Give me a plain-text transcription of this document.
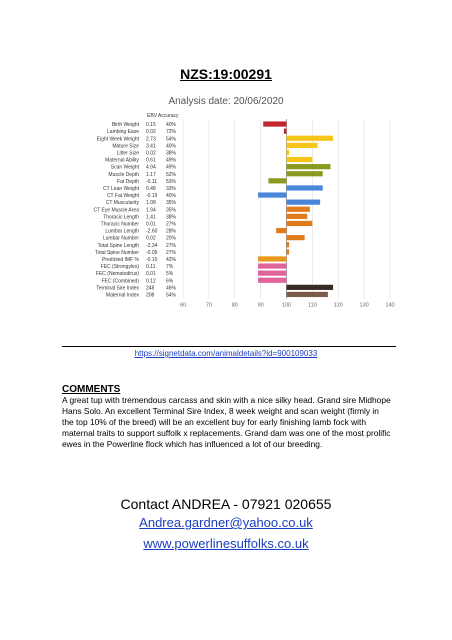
NZS:19:00291
Analysis date: 20/06/2020
60	70	80	90	100	110	120	130	140
EBV Accuracy
Birth Weight 0.15 40%
Lambing Ease 0.02 72%
Eight Week Weight 2.73 54%
Mature Size 3.41 40%
Litter Size 0.02 38%
Maternal Ability 0.61 49%
Scan Weight 4.94 49%
Muscle Depth 1.17 52%
Fat Depth -0.11 53%
CT Lean Weight 0.48 33%
CT Fat Weight -0.19 40%
CT Muscularity 1.08 35%
CT Eye Muscle Area 1.94 35%
Thoracic Length 1.41 38%
Thoracic Number 0.01 27%
Lumbar Length -2.60 28%
Lumbar Number 0.02 20%
Total Spine Length -2.34 27%
Total Spine Number -0.05 27%
Predicted IMF % -0.10 42%
FEC (Strongyles) 0.11 7%
FEC (Nematodirus) 0.01 5%
FEC (Combined) 0.12 6%
Terminal Sire Index 248 46%
Maternal Index 208 54%
https://signetdata.com/animaldetails?id=900109033
COMMENTS
A great tup with tremendous carcass and skin with a nice silky head. Grand sire Midhope Hans Solo. An excellent Terminal Sire Index, 8 week weight and scan weight (firmly in the top 10% of the breed) will be an excellent buy for early finishing lamb fock with maternal traits to support suffolk x replacements. Grand dam was one of the most prolific ewes in the Powerline flock which has influenced a lot of our breeding.
Contact ANDREA - 07921 020655
Andrea.gardner@yahoo.co.uk
www.powerlinesuffolks.co.uk
